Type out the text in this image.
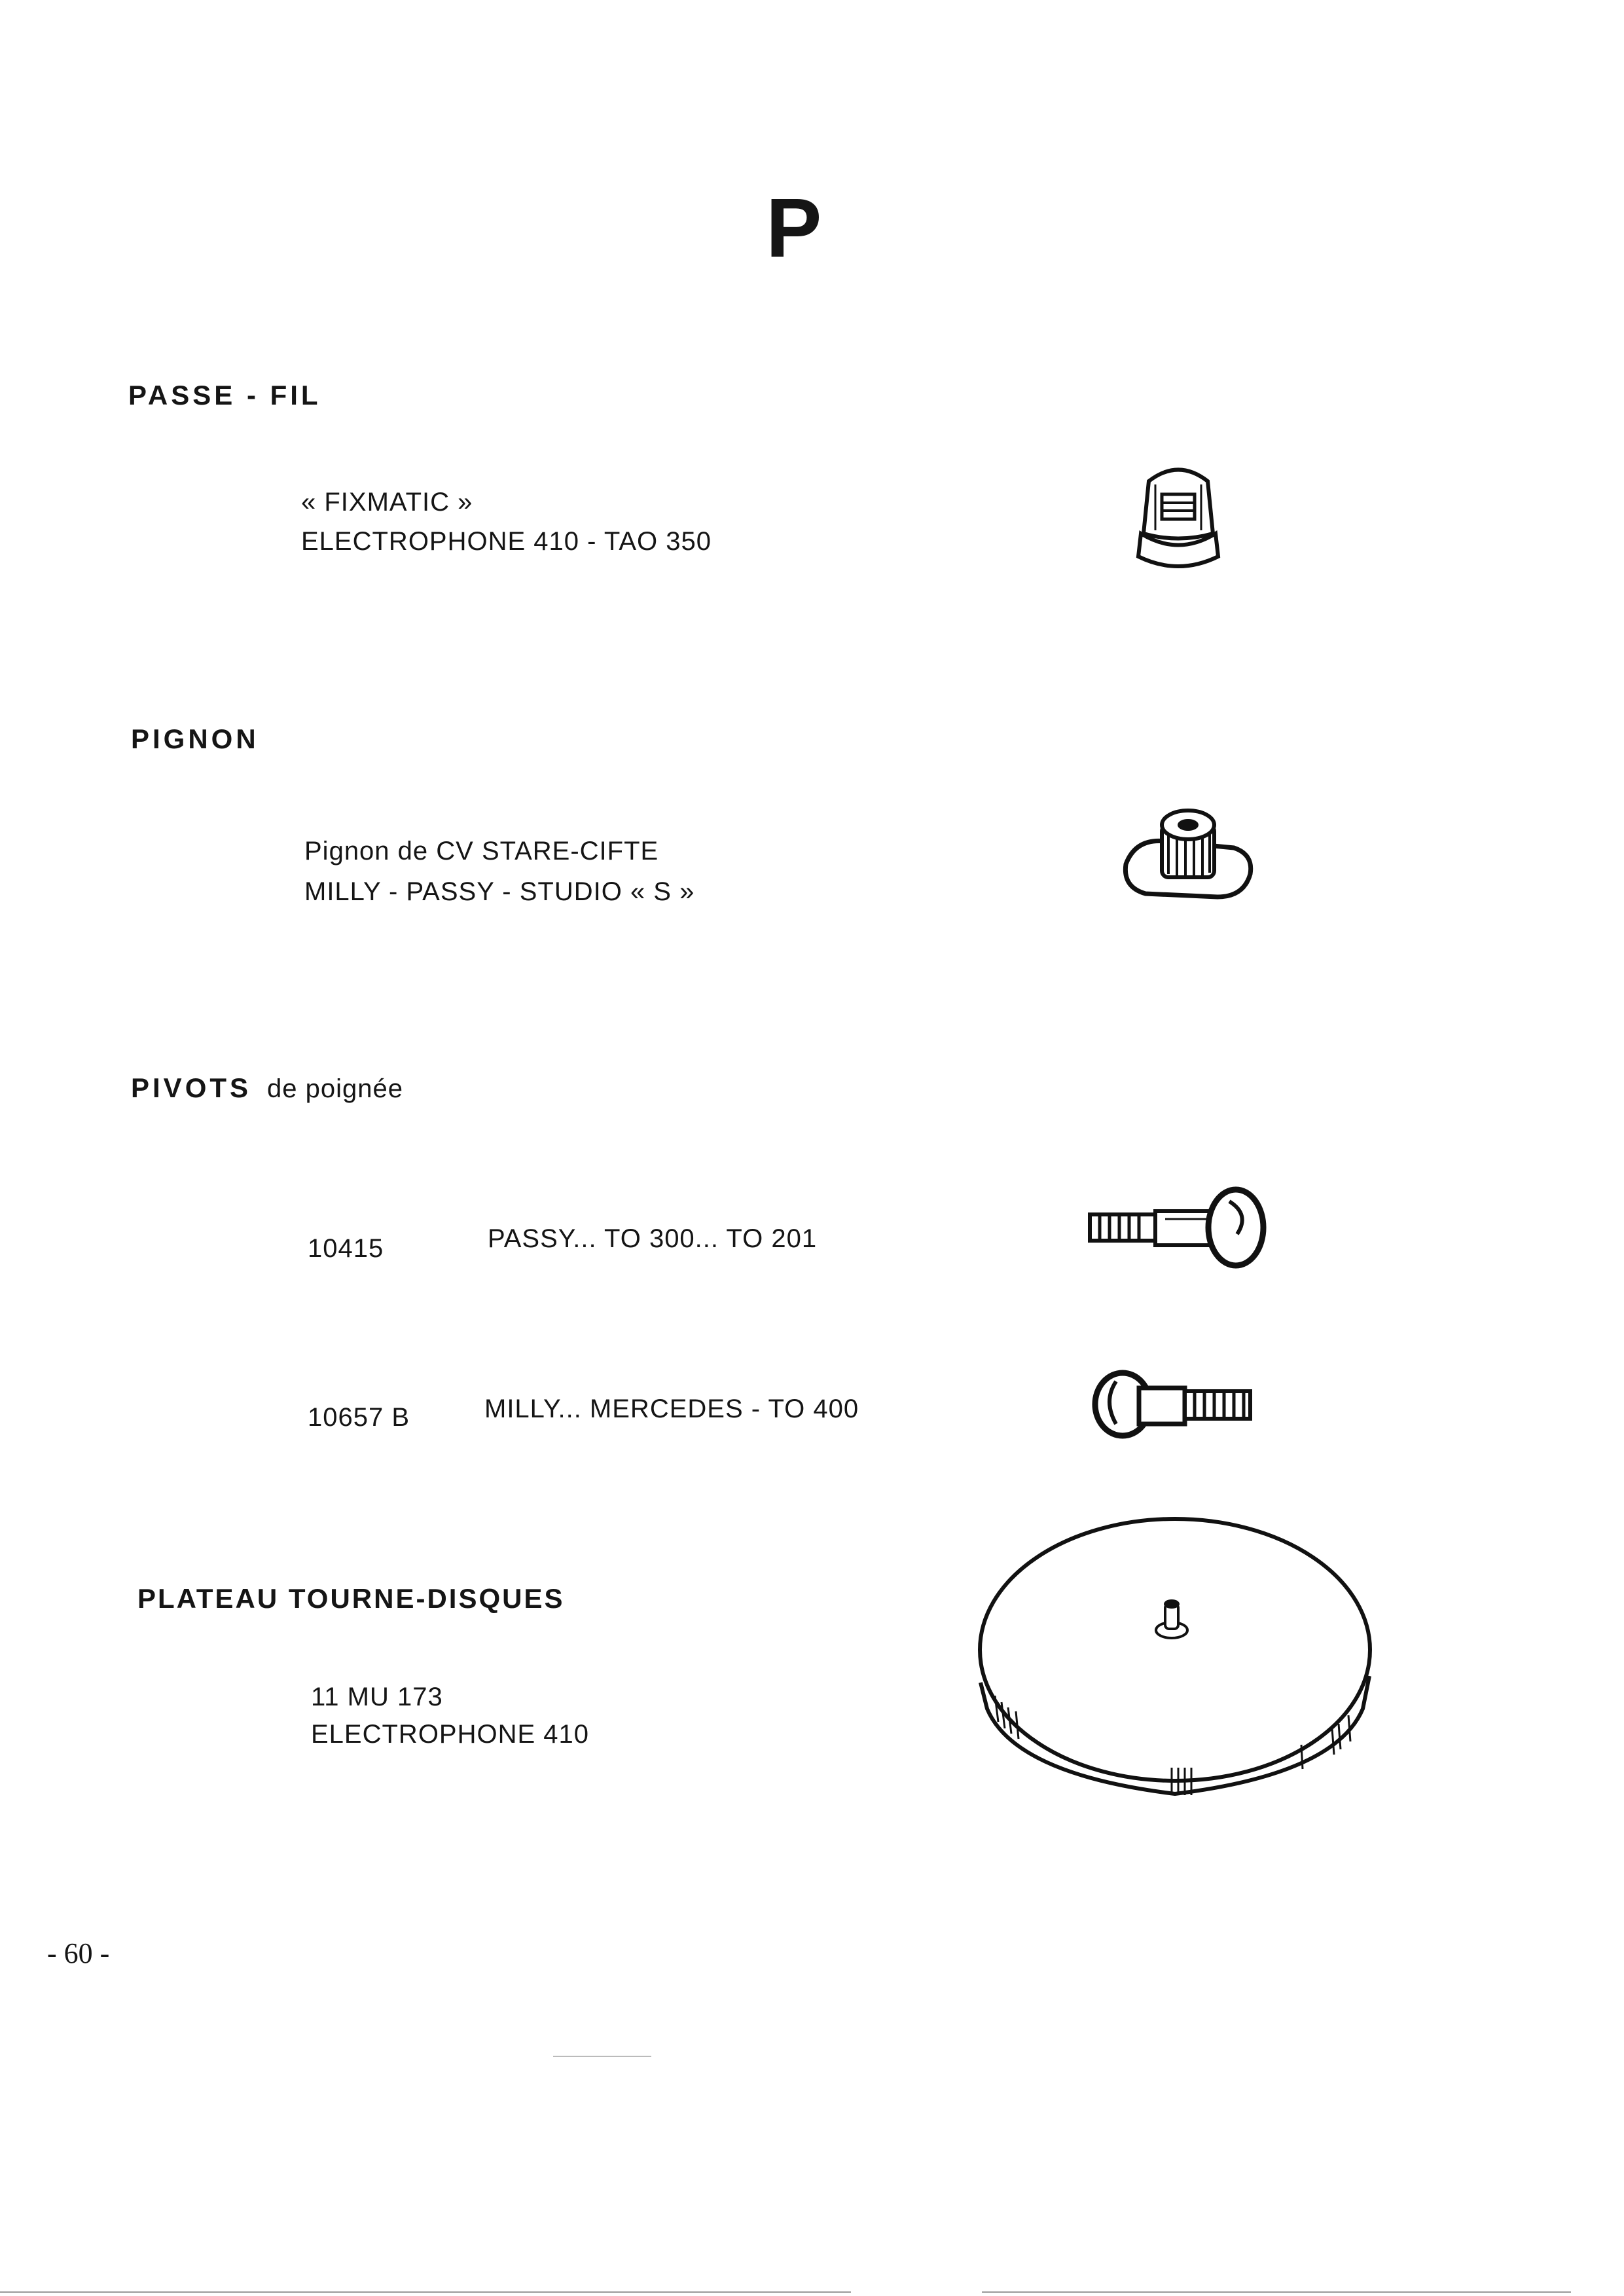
P
PASSE - FIL
« FIXMATIC »
ELECTROPHONE 410 - TAO 350
PIGNON
Pignon de CV STARE-CIFTE
MILLY - PASSY - STUDIO « S »
PIVOTS de poignée
10415	PASSY... TO 300... TO 201
10657 B	MILLY... MERCEDES - TO 400
PLATEAU TOURNE-DISQUES
11 MU 173
ELECTROPHONE 410
- 60 -
